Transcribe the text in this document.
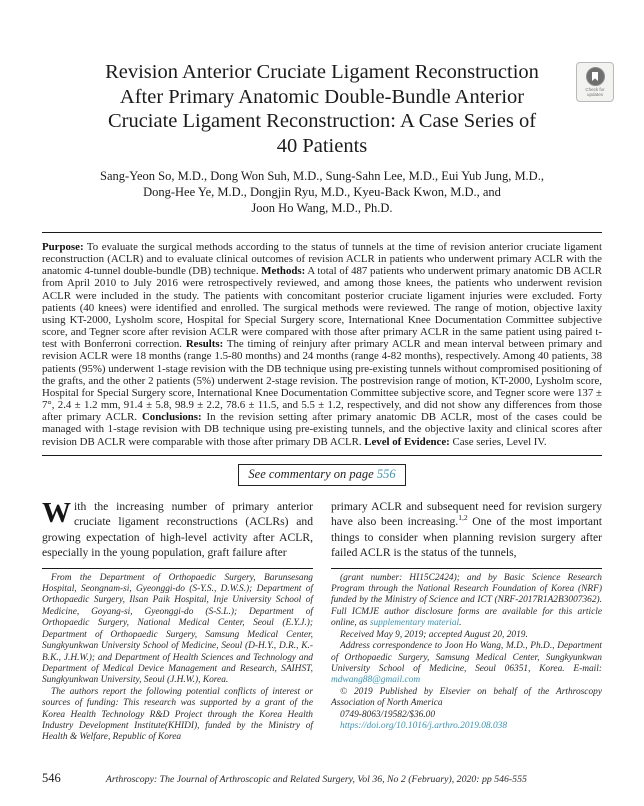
Check for updates
Revision Anterior Cruciate Ligament Reconstruction
After Primary Anatomic Double-Bundle Anterior
Cruciate Ligament Reconstruction: A Case Series of
40 Patients
Sang-Yeon So, M.D., Dong Won Suh, M.D., Sung-Sahn Lee, M.D., Eui Yub Jung, M.D.,
Dong-Hee Ye, M.D., Dongjin Ryu, M.D., Kyeu-Back Kwon, M.D., and
Joon Ho Wang, M.D., Ph.D.

Purpose: To evaluate the surgical methods according to the status of tunnels at the time of revision anterior cruciate ligament reconstruction (ACLR) and to evaluate clinical outcomes of revision ACLR in patients who underwent primary ACLR with the anatomic 4-tunnel double-bundle (DB) technique. Methods: A total of 487 patients who underwent primary anatomic DB ACLR from April 2010 to July 2016 were retrospectively reviewed, and among those knees, the patients who underwent revision ACLR were included in the study. The patients with concomitant posterior cruciate ligament injuries were excluded. Forty patients (40 knees) were identified and enrolled. The surgical methods were reviewed. The range of motion, objective laxity using KT-2000, Lysholm score, Hospital for Special Surgery score, International Knee Documentation Committee subjective score, and Tegner score after revision ACLR were compared with those after primary ACLR in the same patient using paired t-test with Bonferroni correction. Results: The timing of reinjury after primary ACLR and mean interval between primary and revision ACLR were 18 months (range 1.5-80 months) and 24 months (range 4-82 months), respectively. Among 40 patients, 38 patients (95%) underwent 1-stage revision with the DB technique using pre-existing tunnels without compromised positioning of the grafts, and the other 2 patients (5%) underwent 2-stage revision. The postrevision range of motion, KT-2000, Lysholm score, Hospital for Special Surgery score, International Knee Documentation Committee subjective score, and Tegner score were 137 ± 7°, 2.4 ± 1.2 mm, 91.4 ± 5.8, 98.9 ± 2.2, 78.6 ± 11.5, and 5.5 ± 1.2, respectively, and did not show any differences from those after primary ACLR. Conclusions: In the revision setting after primary anatomic DB ACLR, most of the cases could be managed with 1-stage revision with DB technique using pre-existing tunnels, and the objective laxity and clinical scores after revision DB ACLR were comparable with those after primary DB ACLR. Level of Evidence: Case series, Level IV.

See commentary on page 556

With the increasing number of primary anterior cruciate ligament reconstructions (ACLRs) and growing expectation of high-level activity after ACLR, especially in the young population, graft failure after

From the Department of Orthopaedic Surgery, Barunsesang Hospital, Seongnam-si, Gyeonggi-do (S-Y.S., D.W.S.); Department of Orthopaedic Surgery, Ilsan Paik Hospital, Inje University School of Medicine, Goyang-si, Gyeonggi-do (S-S.L.); Department of Orthopaedic Surgery, National Medical Center, Seoul (E.Y.J.); Department of Orthopaedic Surgery, Samsung Medical Center, Sungkyunkwan University School of Medicine, Seoul (D-H.Y., D.R., K.-B.K., J.H.W.); and Department of Health Sciences and Technology and Department of Medical Device Management and Research, SAIHST, Sungkyunkwan University, Seoul (J.H.W.), Korea.

The authors report the following potential conflicts of interest or sources of funding: This research was supported by a grant of the Korea Health Technology R&D Project through the Korea Health Industry Development Institute(KHIDI), funded by the Ministry of Health & Welfare, Republic of Korea

primary ACLR and subsequent need for revision surgery have also been increasing.$^{1,2}$ One of the most important things to consider when planning revision surgery after failed ACLR is the status of the tunnels,

(grant number: HI15C2424); and by Basic Science Research Program through the National Research Foundation of Korea (NRF) funded by the Ministry of Science and ICT (NRF-2017R1A2B3007362). Full ICMJE author disclosure forms are available for this article online, as supplementary material.

Received May 9, 2019; accepted August 20, 2019.

Address correspondence to Joon Ho Wang, M.D., Ph.D., Department of Orthopaedic Surgery, Samsung Medical Center, Sungkyunkwan University School of Medicine, Seoul 06351, Korea. E-mail: mdwang88@gmail.com

© 2019 Published by Elsevier on behalf of the Arthroscopy Association of North America

0749-8063/19582/$36.00

https://doi.org/10.1016/j.arthro.2019.08.038

546	Arthroscopy: The Journal of Arthroscopic and Related Surgery, Vol 36, No 2 (February), 2020: pp 546-555
